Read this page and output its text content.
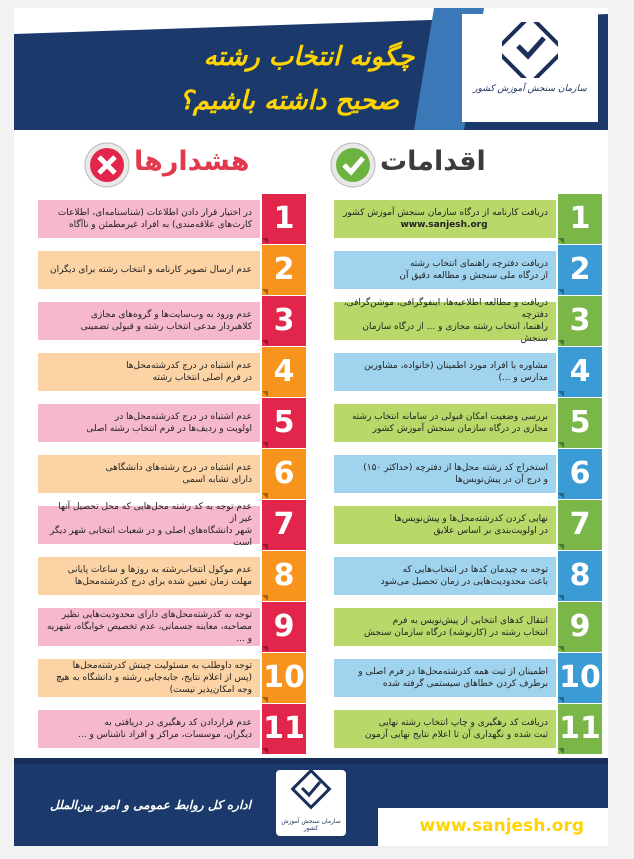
سازمان سنجش آموزش کشور
چگونه انتخاب رشته
صحیح داشته باشیم؟
اقدامات
هشدارها
دریافت کارنامه از درگاه سازمان سنجش آموزش کشور
www.sanjesh.org	1
دریافت دفترچه راهنمای انتخاب رشته
از درگاه ملی سنجش و مطالعه دقیق آن 2
دریافت و مطالعه اطلاعیه‌ها، اینفوگرافی، موشن‌گرافی، دفترچه
راهنما، انتخاب رشته مجازی و ... از درگاه سازمان سنجش
3
مشاوره با افراد مورد اطمینان (خانواده، مشاورین مدارس و ...) 4
بررسی وضعیت امکان قبولی در سامانه انتخاب رشته
مجازی در درگاه سازمان سنجش آموزش کشور 5
استخراج کد رشته محل‌ها از دفترچه (حداکثر ۱۵۰)
و درج آن در پیش‌نویس‌ها 6
نهایی کردن کدرشته‌محل‌ها و پیش‌نویس‌ها
در اولویت‌بندی بر اساس علایق 7
توجه به چیدمان کدها در انتخاب‌هایی که
باعث محدودیت‌هایی در زمان تحصیل می‌شود 8
انتقال کدهای انتخابی از پیش‌نویس به فرم
انتخاب رشته در (کارنوشه) درگاه سازمان سنجش 9
اطمینان از ثبت همه کدرشته‌محل‌ها در فرم اصلی و
برطرف کردن خطاهای سیستمی گرفته شده 10
دریافت کد رهگیری و چاپ انتخاب رشته نهایی
ثبت شده و نگهداری آن تا اعلام نتایج نهایی آزمون 11
در اختیار قرار دادن اطلاعات (شناسنامه‌ای، اطلاعات
کارت‌های علاقه‌مندی) به افراد غیرمطمئن و ناآگاه 1
عدم ارسال تصویر کارنامه و انتخاب رشته برای دیگران 2
عدم ورود به وب‌سایت‌ها و گروه‌های مجازی
کلاهبردار مدعی انتخاب رشته و قبولی تضمینی 3
عدم اشتباه در درج کدرشته‌محل‌ها
در فرم اصلی انتخاب رشته 4
عدم اشتباه در درج کدرشته‌محل‌ها در
اولویت و ردیف‌ها در فرم انتخاب رشته اصلی 5
عدم اشتباه در درج رشته‌های دانشگاهی
دارای تشابه اسمی 6
عدم توجه به کد رشته محل‌هایی که محل تحصیل آنها غیر از
شهر دانشگاه‌های اصلی و در شعبات انتخابی شهر دیگر است
7
عدم موکول انتخاب‌رشته به روزها و ساعات پایانی
مهلت زمان تعیین شده برای درج کدرشته‌محل‌ها 8
توجه به کدرشته‌محل‌های دارای محدودیت‌هایی نظیر
مصاحبه، معاینه جسمانی، عدم تخصیص خوابگاه، شهریه و ... 9
توجه داوطلب به مسئولیت چینش کدرشته‌محل‌ها
(پس از اعلام نتایج، جابه‌جایی رشته و دانشگاه به هیچ وجه امکان‌پذیر نیست) 10
عدم قراردادن کد رهگیری در دریافتی به
دیگران، موسسات، مراکز و افراد ناشناس و ... 11
www.sanjesh.org
اداره کل روابط عمومی و امور بین‌الملل
سازمان سنجش آموزش کشور
